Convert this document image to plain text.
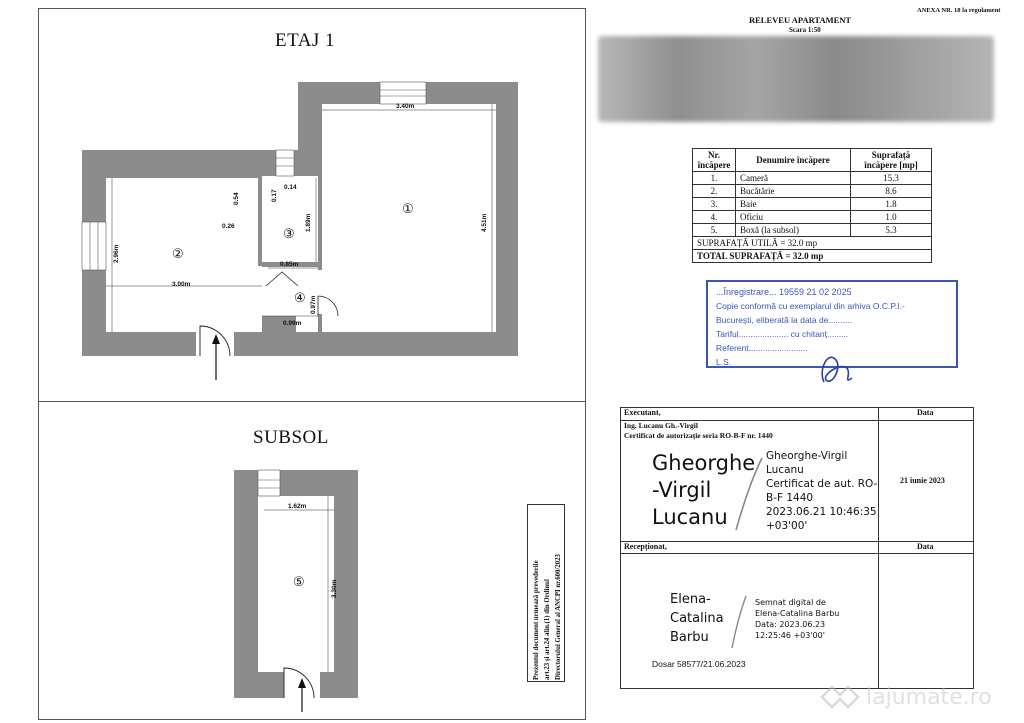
ETAJ 1
SUBSOL
①
②
③
④
⑤
3.40m
4.51m
3.00m
2.96m
1.89m
0.85m
0.54	0.17
0.14
0.26
0.99m
0.97m
1.62m
3.30m	Prezentul document urmează prevederile art.23 și art.24 alin.(1) din Ordinul Directorului General al ANCPI nr.600/2023
ANEXA NR. 18 la regulament
RELEVEU APARTAMENT
Scara 1:50
Nr. încăpere	Denumire încăpere	Suprafață încăpere [mp]
1.	Cameră	15.3
2.	Bucătărie	8.6
3.	Baie	1.8
4.	Oficiu	1.0
5.	Boxă (la subsol)	5.3
SUPRAFAȚĂ UTILĂ = 32.0 mp		
TOTAL SUPRAFAȚĂ = 32.0 mp		
...Înregistrare... 19559 21 02 2025
Copie conformă cu exemplarul din arhiva O.C.P.I.-
București, eliberată la data de..........
Tariful..................... cu chitanț.........
Referent.........................
L.S.
Executant,	Data
Ing. Lucanu Gh.-Virgil
Certificat de autorizație seria RO-B-F nr. 1440
Gheorghe
-Virgil
Lucanu
Gheorghe-Virgil
Lucanu
Certificat de aut. RO-
B-F 1440
2023.06.21 10:46:35
+03'00'
21 iunie 2023
Recepționat,	Data
Elena-
Catalina
Barbu
Semnat digital de
Elena-Catalina Barbu
Data: 2023.06.23
12:25:46 +03'00'
Dosar 58577/21.06.2023
lajumate.ro
